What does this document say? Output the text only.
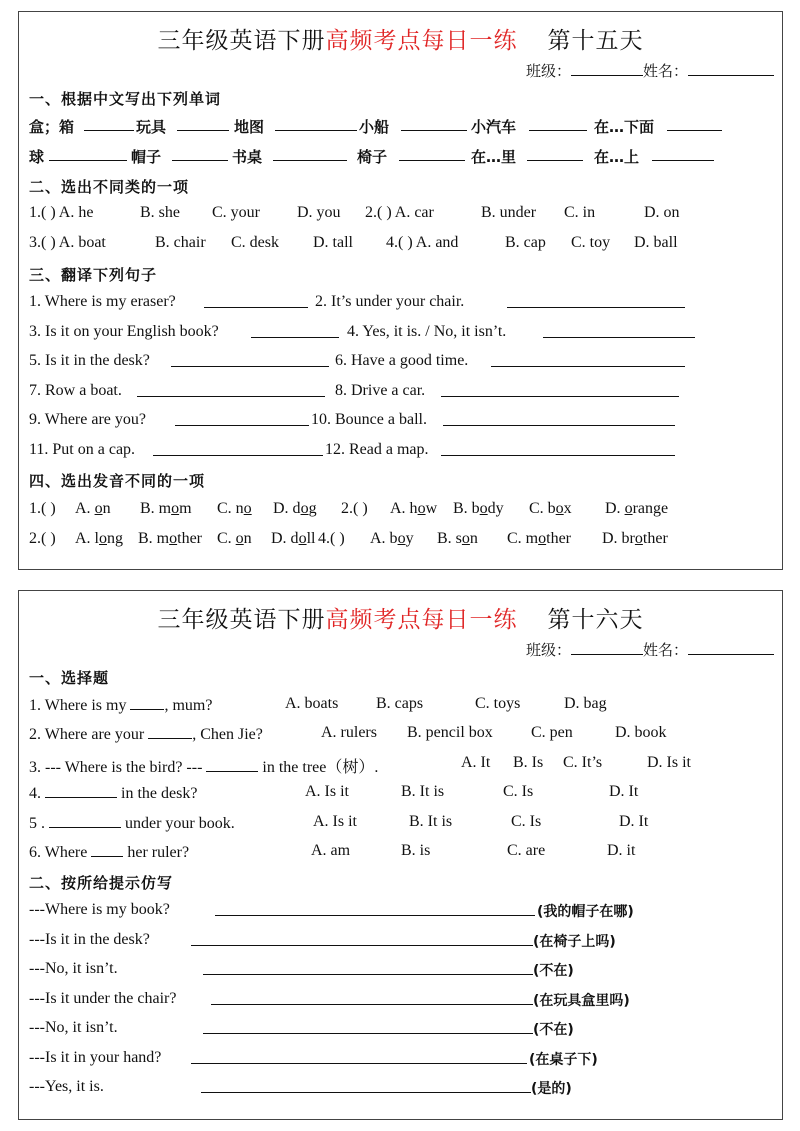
三年级英语下册高频考点每日一练 第十五天
班级：	姓名：
一、根据中文写出下列单词
盒；箱	玩具	地图	小船	小汽车	在…下面
球	帽子	书桌	椅子	在…里	在…上
二、选出不同类的一项
1.( ) A. he	B. she C. your D. you 2.( ) A. car	B. under C. in	D. on
3.( ) A. boat	B. chair C. desk D. tall 4.( ) A. and	B. cap C. toy D. ball
三、翻译下列句子
1. Where is my eraser?	2. It’s under your chair.
3. Is it on your English book?	4. Yes, it is. / No, it isn’t.
5. Is it in the desk?	6. Have a good time.
7. Row a boat.	8. Drive a car.
9. Where are you?	10. Bounce a ball.
11. Put on a cap.	12. Read a map.
四、选出发音不同的一项
1.( ) A. on B. mom C. no D. dog 2.( ) A. how B. body C. box D. orange
2.( ) A. long B. mother C. on D. doll 4.( ) A. boy B. son C. mother D. brother
三年级英语下册高频考点每日一练 第十六天
班级：	姓名：
一、选择题
1. Where is my , mum?	A. boats B. caps	C. toys	D. bag
2. Where are your	, Chen Jie?	A. rulers B. pencil box C. pen	D. book
3. --- Where is the bird? ---	in the tree（树）.	A. It B. Is C. It’s	D. Is it
4.	in the desk?	A. Is it	B. It is	C. Is	D. It
5 .	under your book.	A. Is it	B. It is	C. Is	D. It
6. Where  her ruler?	A. am	B. is	C. are	D. it
二、按所给提示仿写
---Where is my book?	(我的帽子在哪)
---Is it in the desk?	(在椅子上吗)
---No, it isn’t.	(不在)
---Is it under the chair?	(在玩具盒里吗)
---No, it isn’t.	(不在)
---Is it in your hand?	(在桌子下)
---Yes, it is.	(是的)
